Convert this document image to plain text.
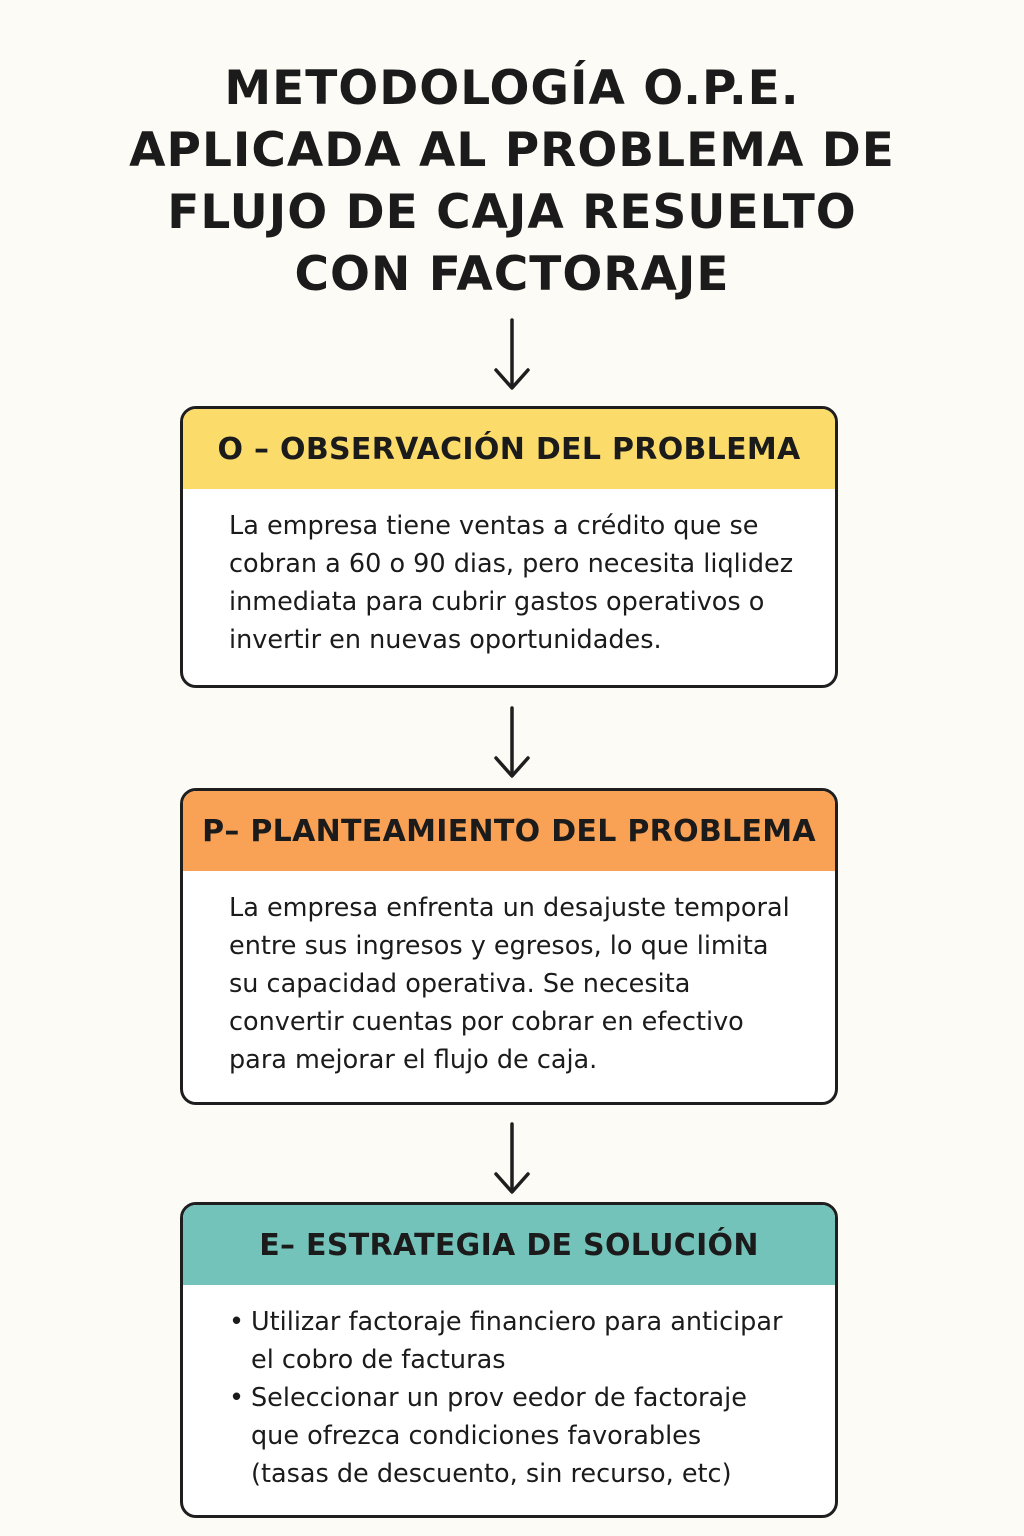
METODOLOGÍA O.P.E.
APLICADA AL PROBLEMA DE
FLUJO DE CAJA RESUELTO
CON FACTORAJE
O – OBSERVACIÓN DEL PROBLEMA
La empresa tiene ventas a crédito que se
cobran a 60 o 90 dias, pero necesita liqlidez
inmediata para cubrir gastos operativos o
invertir en nuevas oportunidades.
P– PLANTEAMIENTO DEL PROBLEMA
La empresa enfrenta un desajuste temporal
entre sus ingresos y egresos, lo que limita
su capacidad operativa. Se necesita
convertir cuentas por cobrar en efectivo
para mejorar el flujo de caja.
E– ESTRATEGIA DE SOLUCIÓN
• Utilizar factoraje financiero para anticipar
el cobro de facturas
• Seleccionar un prov eedor de factoraje
que ofrezca condiciones favorables
(tasas de descuento, sin recurso, etc)
